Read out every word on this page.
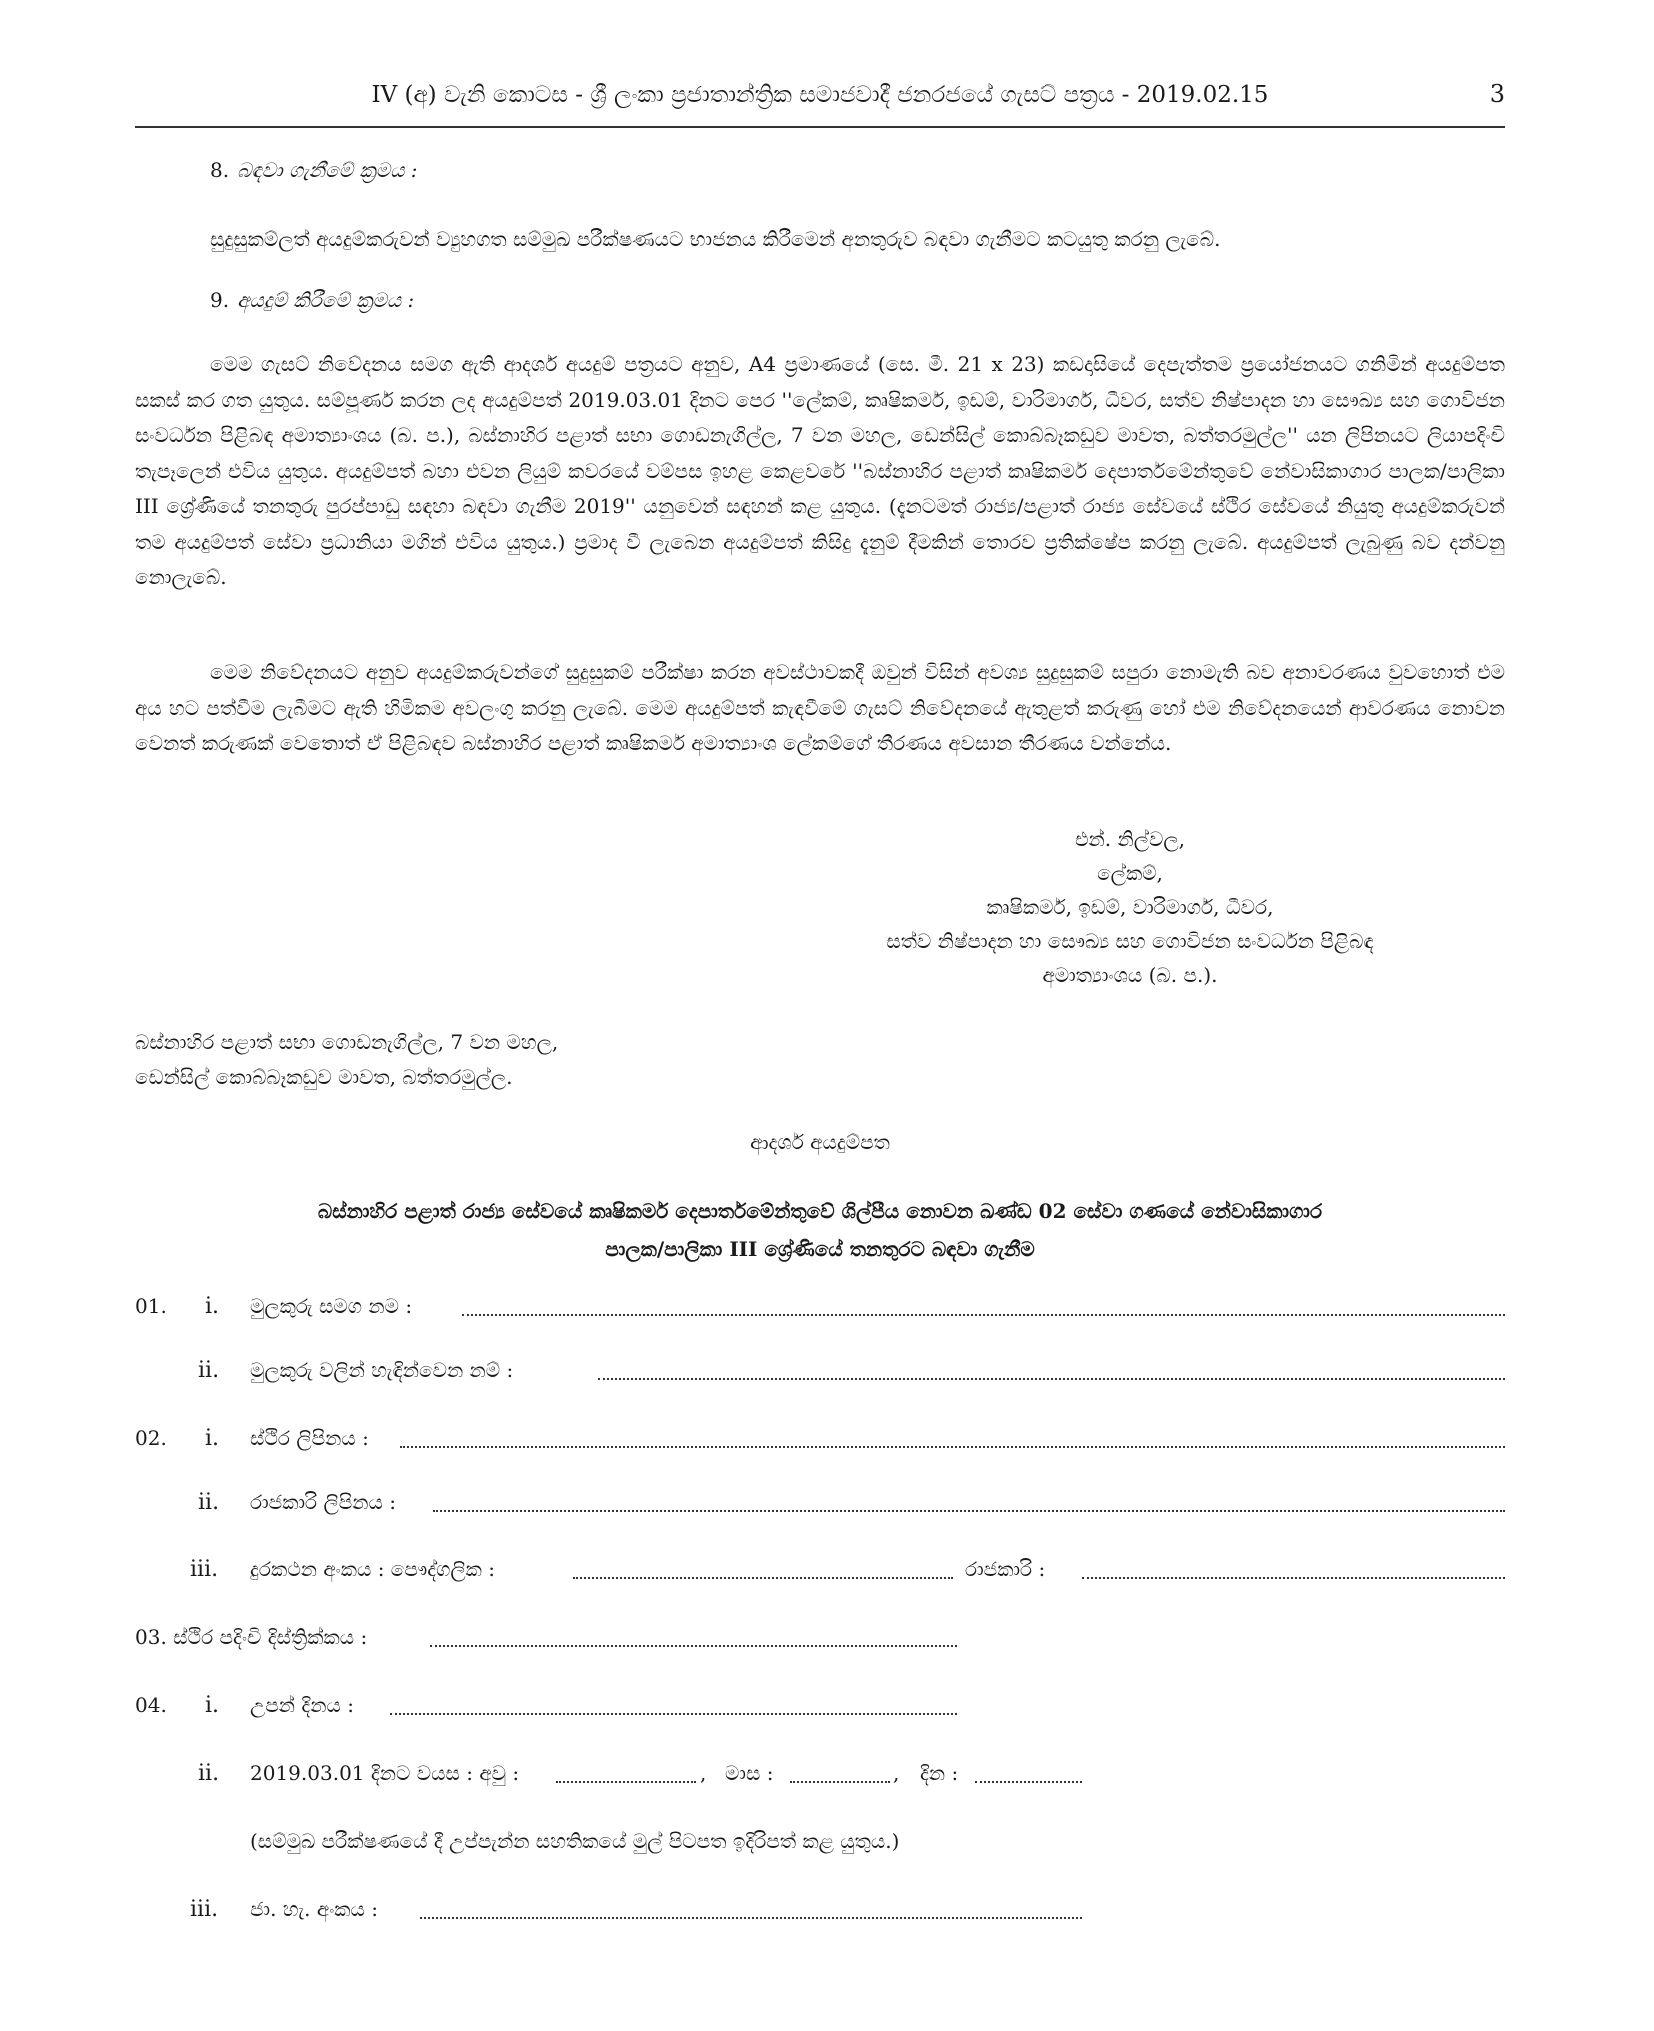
IV (අ) වැනි කොටස - ශ්‍රී ලංකා ප්‍රජාතාන්ත්‍රික සමාජවාදී ජනරජයේ ගැසට් පත්‍රය - 2019.02.15	3
8. බඳවා ගැනීමේ ක්‍රමය :
සුදුසුකම්ලත් අයදුම්කරුවන් ව්‍යුහගත සම්මුඛ පරීක්ෂණයට භාජනය කිරීමෙන් අනතුරුව බඳවා ගැනීමට කටයුතු කරනු ලැබේ.
9. අයදුම් කිරීමේ ක්‍රමය :
මෙම ගැසට් නිවේදනය සමග ඇති ආදර්ශ අයදුම් පත්‍රයට අනුව, A4 ප්‍රමාණයේ (සෙ. මී. 21 x 23) කඩදාසියේ දෙපැත්තම ප්‍රයෝජනයට ගනිමින් අයදුම්පත සකස් කර ගත යුතුය. සම්පූර්ණ කරන ලද අයදුම්පත් 2019.03.01 දිනට පෙර ''ලේකම්, කෘෂිකර්ම, ඉඩම්, වාරිමාර්ග, ධීවර, සත්ව නිෂ්පාදන හා සෞඛ්‍ය සහ ගොවිජන සංවර්ධන පිළිබඳ අමාත්‍යාංශය (බ. ප.), බස්නාහිර පළාත් සභා ගොඩනැගිල්ල, 7 වන මහල, ඩෙන්සිල් කොබ්බෑකඩුව මාවත, බත්තරමුල්ල'' යන ලිපිනයට ලියාපදිංචි තැපෑලෙන් එවිය යුතුය. අයදුම්පත් බහා එවන ලියුම් කවරයේ වම්පස ඉහළ කෙළවරේ ''බස්නාහිර පළාත් කෘෂිකර්ම දෙපාර්තමේන්තුවේ නේවාසිකාගාර පාලක/පාලිකා III ශ්‍රේණියේ තනතුරු පුරප්පාඩු සඳහා බඳවා ගැනීම 2019'' යනුවෙන් සඳහන් කළ යුතුය. (දැනටමත් රාජ්‍ය/පළාත් රාජ්‍ය සේවයේ ස්ථිර සේවයේ නියුතු අයදුම්කරුවන් තම අයදුම්පත් සේවා ප්‍රධානියා මගින් එවිය යුතුය.) ප්‍රමාද වී ලැබෙන අයදුම්පත් කිසිදු දැනුම් දීමකින් තොරව ප්‍රතික්ෂේප කරනු ලැබේ. අයදුම්පත් ලැබුණු බව දන්වනු නොලැබේ.
මෙම නිවේදනයට අනුව අයදුම්කරුවන්ගේ සුදුසුකම් පරීක්ෂා කරන අවස්ථාවකදී ඔවුන් විසින් අවශ්‍ය සුදුසුකම් සපුරා නොමැති බව අනාවරණය වුවහොත් එම අය හට පත්වීම ලැබීමට ඇති හිමිකම අවලංගු කරනු ලැබේ. මෙම අයදුම්පත් කැඳවීමේ ගැසට් නිවේදනයේ ඇතුළත් කරුණු හෝ එම නිවේදනයෙන් ආවරණය නොවන වෙනත් කරුණක් වෙතොත් ඒ පිළිබඳව බස්නාහිර පළාත් කෘෂිකර්ම අමාත්‍යාංශ ලේකම්ගේ තීරණය අවසාන තීරණය වන්නේය.
එන්. නිල්වල,
ලේකම්,
කෘෂිකර්ම, ඉඩම්, වාරිමාර්ග, ධීවර,
සත්ව නිෂ්පාදන හා සෞඛ්‍ය සහ ගොවිජන සංවර්ධන පිළිබඳ
අමාත්‍යාංශය (බ. ප.).
බස්නාහිර පළාත් සභා ගොඩනැගිල්ල, 7 වන මහල,
ඩෙන්සිල් කොබ්බෑකඩුව මාවත, බත්තරමුල්ල.
ආදර්ශ අයදුම්පත
බස්නාහිර පළාත් රාජ්‍ය සේවයේ කෘෂිකර්ම දෙපාර්තමේන්තුවේ ශිල්පීය නොවන ඛණ්ඩ 02 සේවා ගණයේ නේවාසිකාගාර
පාලක/පාලිකා III ශ්‍රේණියේ තනතුරට බඳවා ගැනීම
01. i. මුලකුරු සමග නම :
ii. මුලකුරු වලින් හැඳින්වෙන නම් :
02. i. ස්ථිර ලිපිනය :
ii. රාජකාරි ලිපිනය :
iii. දුරකථන අංකය : පෞද්ගලික :	රාජකාරි :
03. ස්ථිර පදිංචි දිස්ත්‍රික්කය :
04. i. උපන් දිනය :
ii. 2019.03.01 දිනට වයස : අවු :	, මාස :	, දින :
(සම්මුඛ පරීක්ෂණයේ දී උප්පැන්න සහතිකයේ මුල් පිටපත ඉදිරිපත් කළ යුතුය.)
iii. ජා. හැ. අංකය :
